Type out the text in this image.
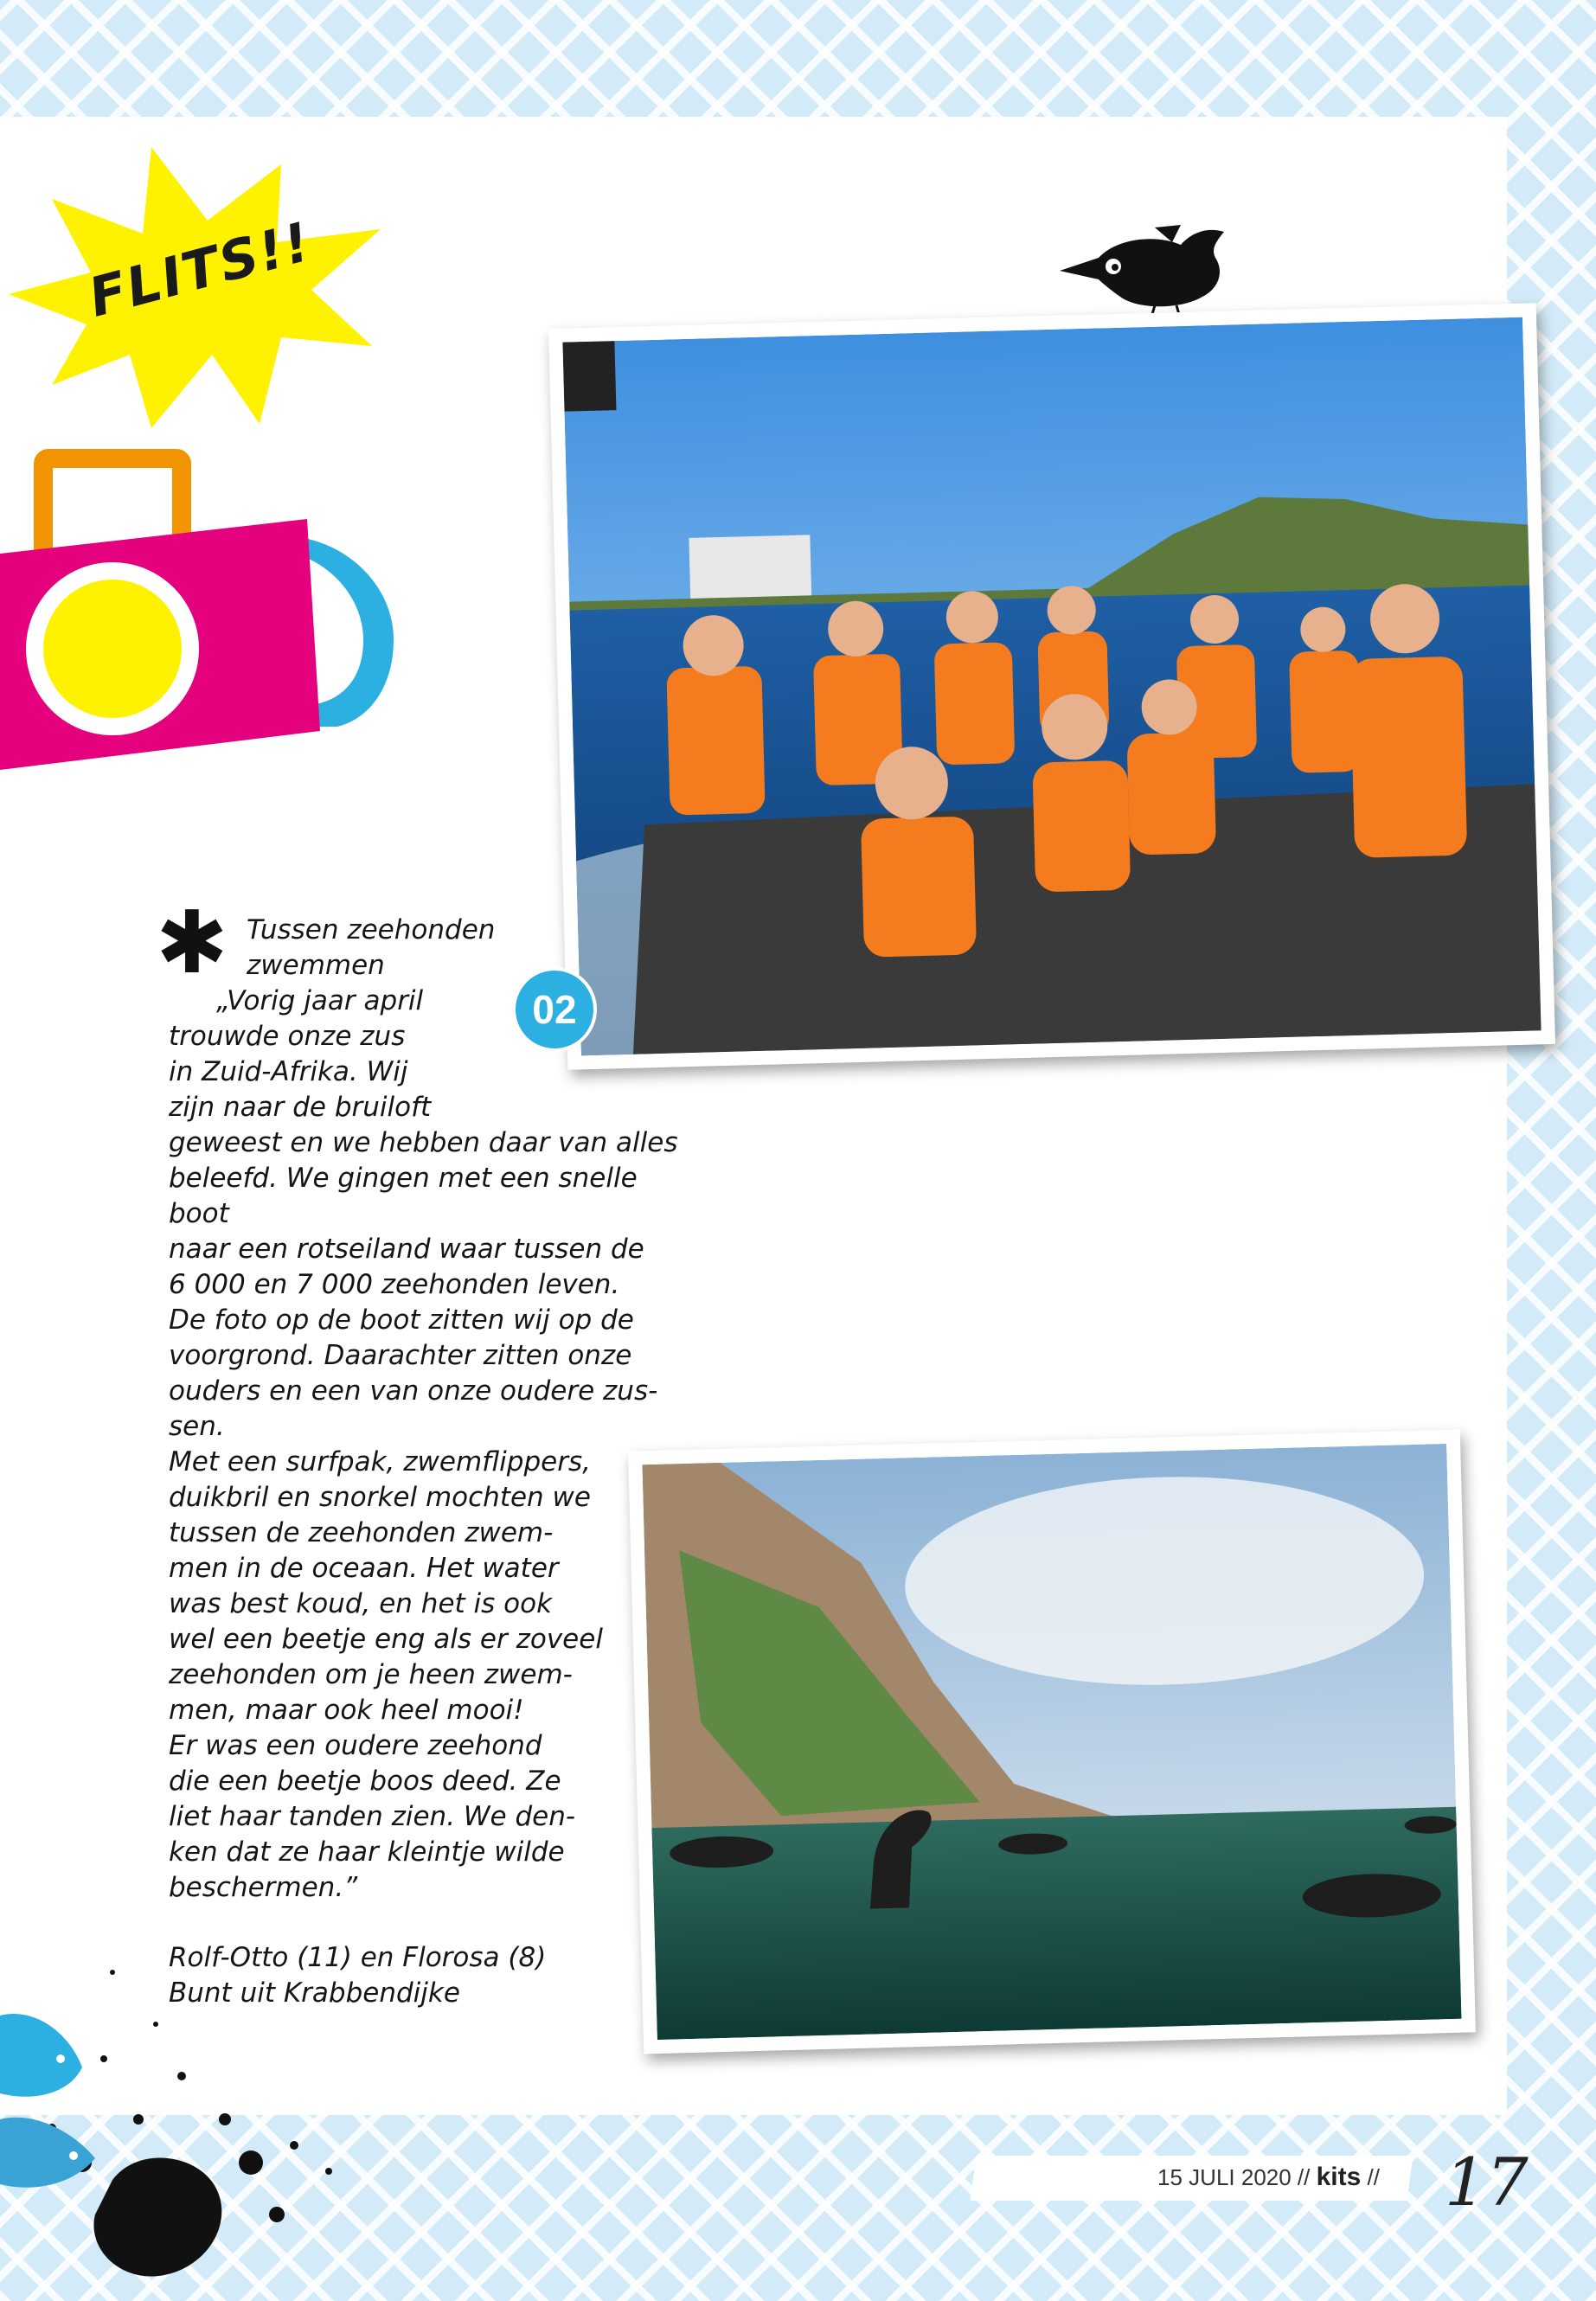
FLITS!!
02
✱ Tussen zeehonden
zwemmen

„Vorig jaar april

trouwde onze zus

in Zuid-Afrika. Wij

zijn naar de bruiloft

geweest en we hebben daar van alles

beleefd. We gingen met een snelle boot

naar een rotseiland waar tussen de

6 000 en 7 000 zeehonden leven.

De foto op de boot zitten wij op de

voorgrond. Daarachter zitten onze

ouders en een van onze oudere zus-

sen.

Met een surfpak, zwemflippers,

duikbril en snorkel mochten we

tussen de zeehonden zwem-

men in de oceaan. Het water

was best koud, en het is ook

wel een beetje eng als er zoveel

zeehonden om je heen zwem-

men, maar ook heel mooi!

Er was een oudere zeehond

die een beetje boos deed. Ze

liet haar tanden zien. We den-

ken dat ze haar kleintje wilde

beschermen.”

Rolf-Otto (11) en Florosa (8)

Bunt uit Krabbendijke

15 JULI 2020 // kits // 17
